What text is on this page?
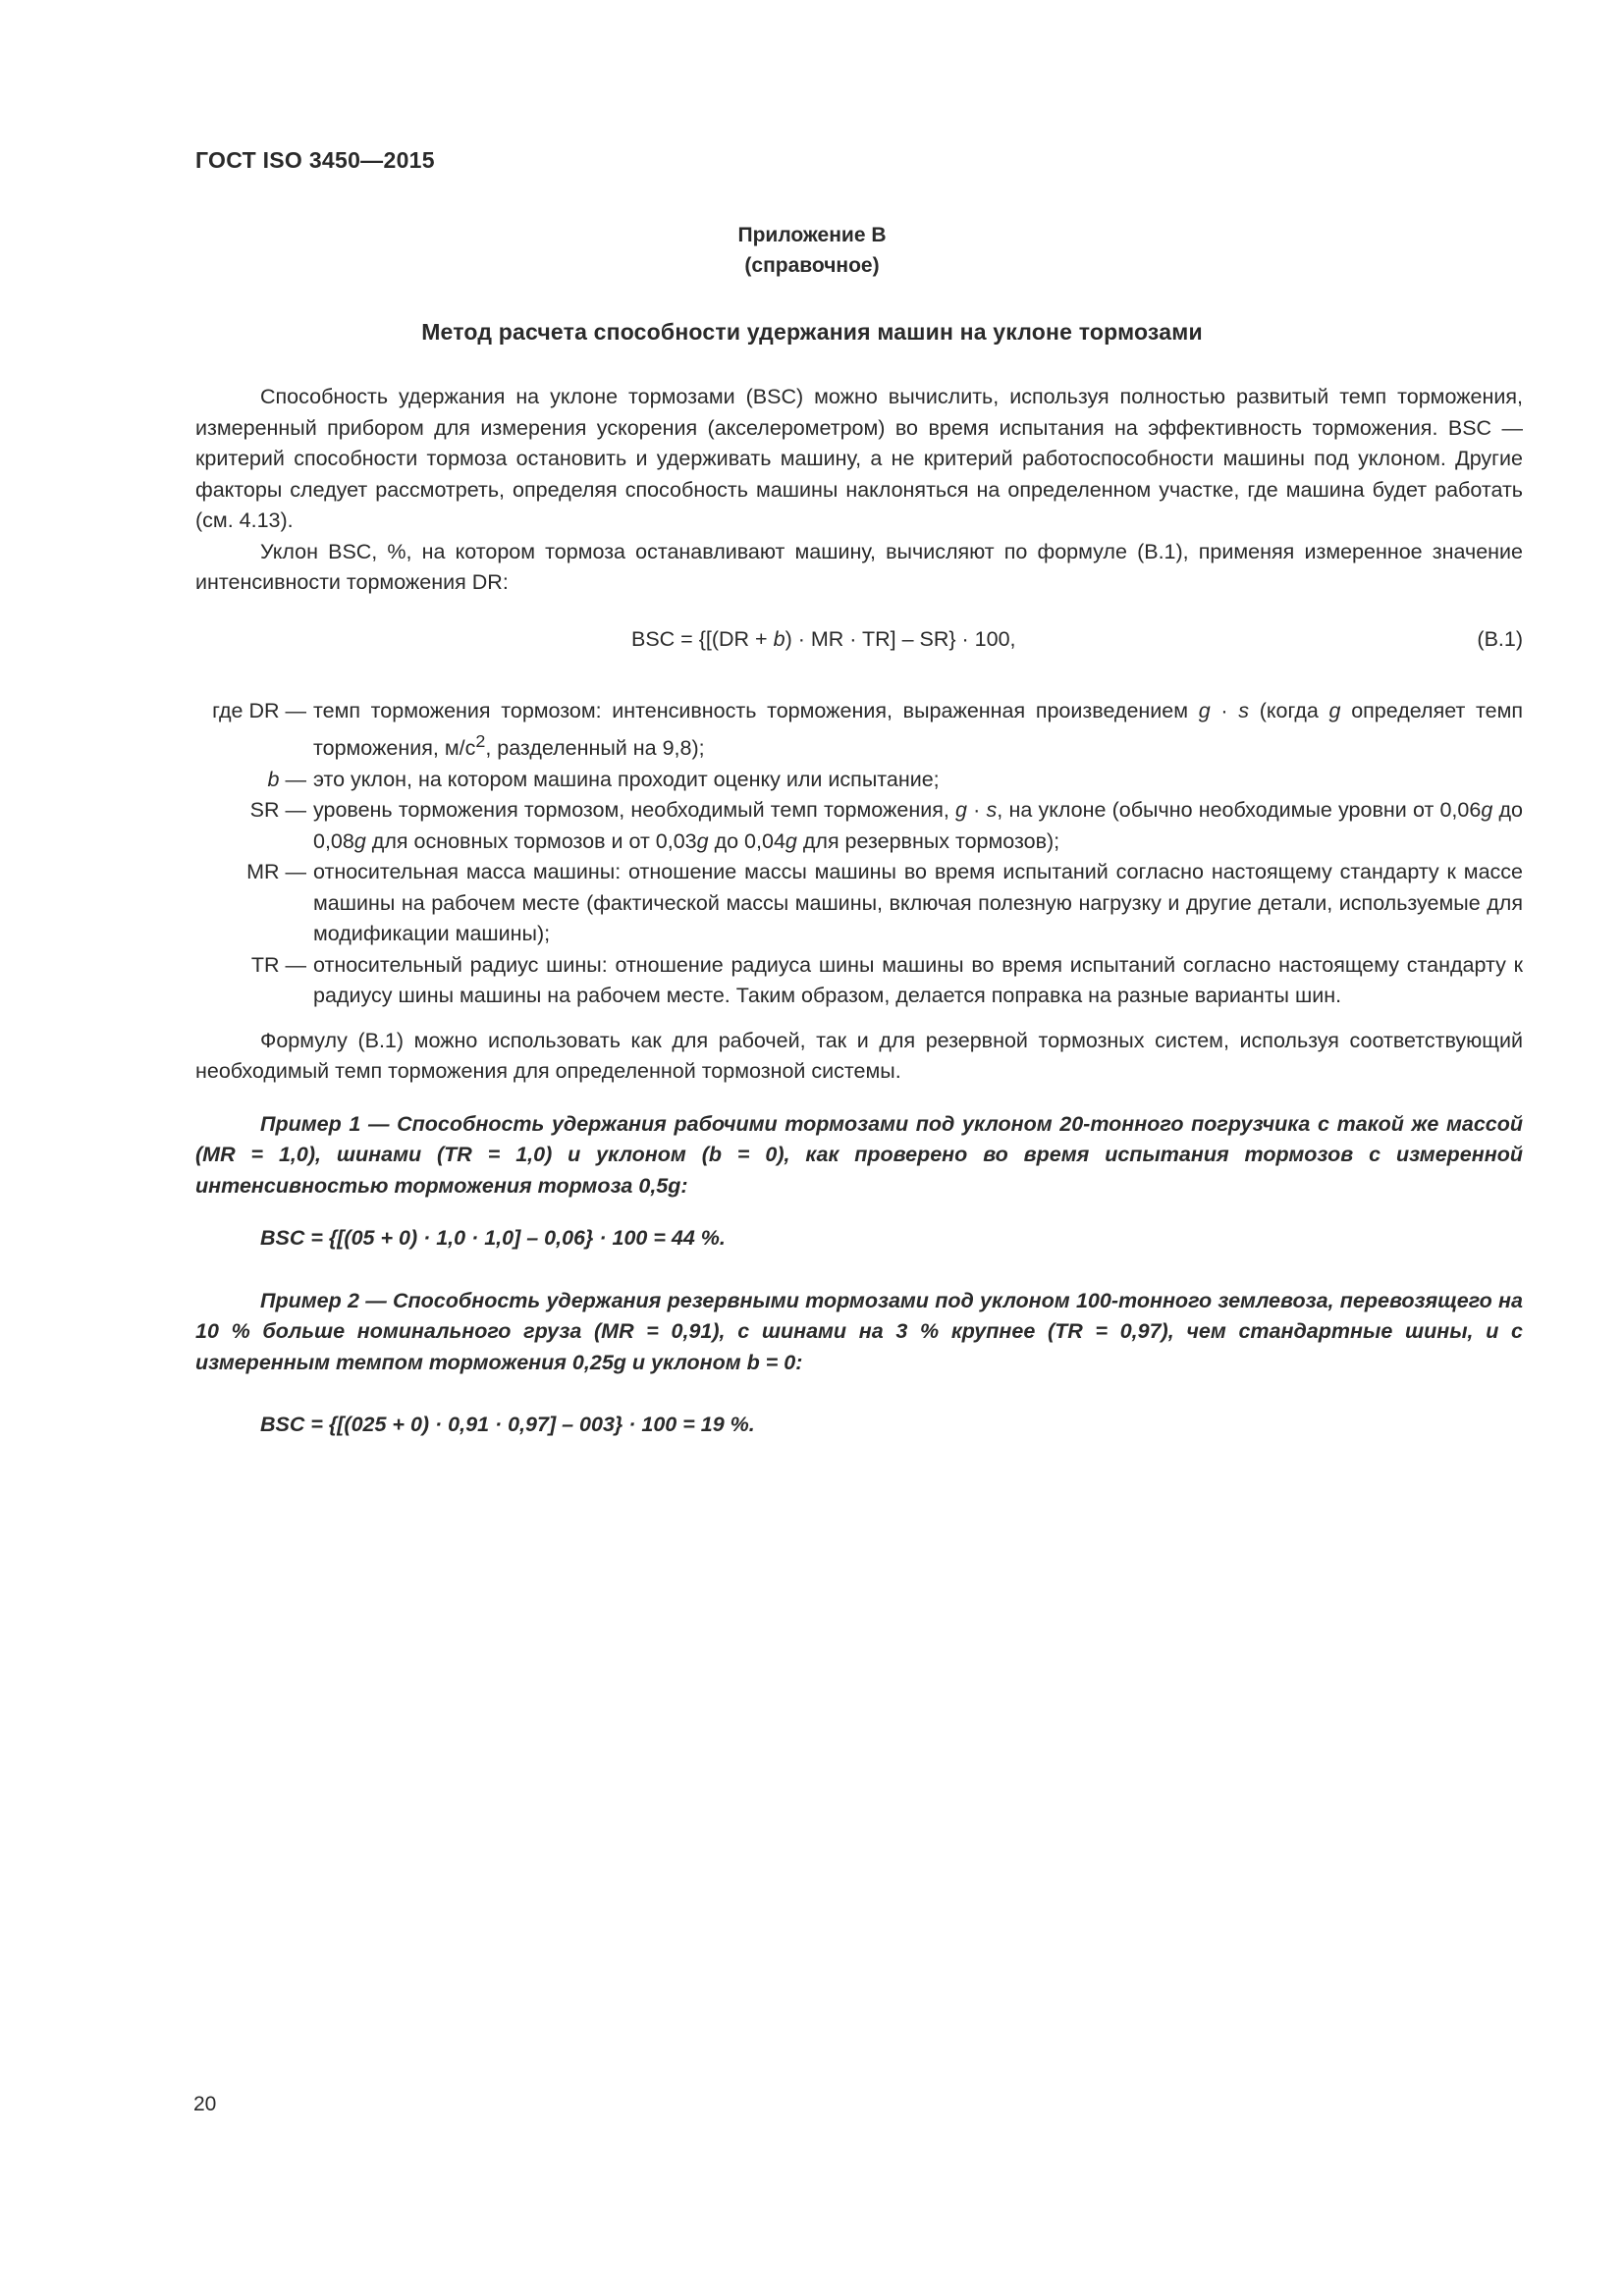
ГОСТ ISO 3450—2015
Приложение В
(справочное)
Метод расчета способности удержания машин на уклоне тормозами

Способность удержания на уклоне тормозами (BSC) можно вычислить, используя полностью развитый темп торможения, измеренный прибором для измерения ускорения (акселерометром) во время испытания на эффективность торможения. BSC — критерий способности тормоза остановить и удерживать машину, а не критерий работоспособности машины под уклоном. Другие факторы следует рассмотреть, определяя способность машины наклоняться на определенном участке, где машина будет работать (см. 4.13).

Уклон BSC, %, на котором тормоза останавливают машину, вычисляют по формуле (В.1), применяя измеренное значение интенсивности торможения DR:

BSC = {[(DR + b) · MR · TR] – SR} · 100,	(В.1)
где DR — темп торможения тормозом: интенсивность торможения, выраженная произведением g · s (когда g определяет темп торможения, $м/с^2$, разделенный на 9,8);
b — это уклон, на котором машина проходит оценку или испытание;
SR — уровень торможения тормозом, необходимый темп торможения, g · s, на уклоне (обычно необходимые уровни от 0,06g до 0,08g для основных тормозов и от 0,03g до 0,04g для резервных тормозов);
MR — относительная масса машины: отношение массы машины во время испытаний согласно настоящему стандарту к массе машины на рабочем месте (фактической массы машины, включая полезную нагрузку и другие детали, используемые для модификации машины);
TR — относительный радиус шины: отношение радиуса шины машины во время испытаний согласно настоящему стандарту к радиусу шины машины на рабочем месте. Таким образом, делается поправка на разные варианты шин.

Формулу (В.1) можно использовать как для рабочей, так и для резервной тормозных систем, используя соответствующий необходимый темп торможения для определенной тормозной системы.

Пример 1 — Способность удержания рабочими тормозами под уклоном 20-тонного погрузчика с такой же массой (MR = 1,0), шинами (TR = 1,0) и уклоном (b = 0), как проверено во время испытания тормозов с измеренной интенсивностью торможения тормоза 0,5g:

BSC = {[(05 + 0) · 1,0 · 1,0] – 0,06} · 100 = 44 %.

Пример 2 — Способность удержания резервными тормозами под уклоном 100-тонного землевоза, перевозящего на 10 % больше номинального груза (MR = 0,91), с шинами на 3 % крупнее (TR = 0,97), чем стандартные шины, и с измеренным темпом торможения 0,25g и уклоном b = 0:

BSC = {[(025 + 0) · 0,91 · 0,97] – 003} · 100 = 19 %.

20
